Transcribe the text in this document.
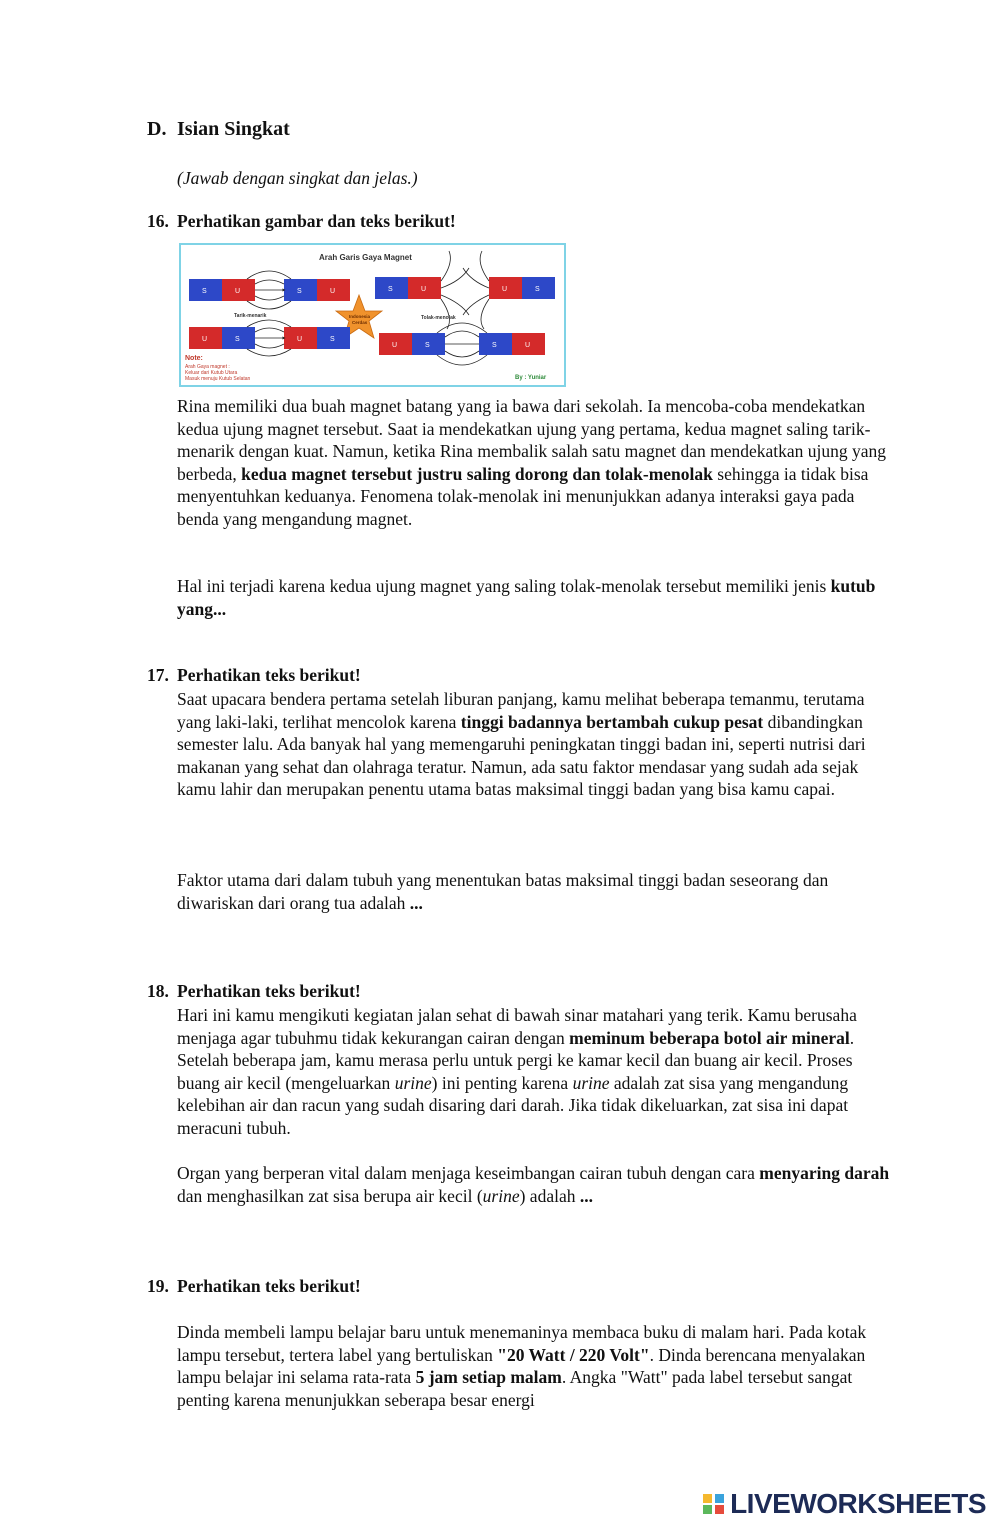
D. Isian Singkat
(Jawab dengan singkat dan jelas.)
16. Perhatikan gambar dan teks berikut!
Arah Garis Gaya Magnet
S	U	S	U
Tarik-menarik
S	U	U	S
Tolak-menolak
Indonesia
Cerdas
U	S	U	S
U	S	S	U
Note:
Arah Gaya magnet :
Keluar dari Kutub Utara
Masuk menuju Kutub Selatan	By : Yuniar
Rina memiliki dua buah magnet batang yang ia bawa dari sekolah. Ia mencoba-coba mendekatkan kedua ujung magnet tersebut. Saat ia mendekatkan ujung yang pertama, kedua magnet saling tarik-menarik dengan kuat. Namun, ketika Rina membalik salah satu magnet dan mendekatkan ujung yang berbeda, kedua magnet tersebut justru saling dorong dan tolak-menolak sehingga ia tidak bisa menyentuhkan keduanya. Fenomena tolak-menolak ini menunjukkan adanya interaksi gaya pada benda yang mengandung magnet.
Hal ini terjadi karena kedua ujung magnet yang saling tolak-menolak tersebut memiliki jenis kutub yang...
17. Perhatikan teks berikut!
Saat upacara bendera pertama setelah liburan panjang, kamu melihat beberapa temanmu, terutama yang laki-laki, terlihat mencolok karena tinggi badannya bertambah cukup pesat dibandingkan semester lalu. Ada banyak hal yang memengaruhi peningkatan tinggi badan ini, seperti nutrisi dari makanan yang sehat dan olahraga teratur. Namun, ada satu faktor mendasar yang sudah ada sejak kamu lahir dan merupakan penentu utama batas maksimal tinggi badan yang bisa kamu capai.
Faktor utama dari dalam tubuh yang menentukan batas maksimal tinggi badan seseorang dan diwariskan dari orang tua adalah ...
18. Perhatikan teks berikut!
Hari ini kamu mengikuti kegiatan jalan sehat di bawah sinar matahari yang terik. Kamu berusaha menjaga agar tubuhmu tidak kekurangan cairan dengan meminum beberapa botol air mineral. Setelah beberapa jam, kamu merasa perlu untuk pergi ke kamar kecil dan buang air kecil. Proses buang air kecil (mengeluarkan urine) ini penting karena urine adalah zat sisa yang mengandung kelebihan air dan racun yang sudah disaring dari darah. Jika tidak dikeluarkan, zat sisa ini dapat meracuni tubuh.
Organ yang berperan vital dalam menjaga keseimbangan cairan tubuh dengan cara menyaring darah dan menghasilkan zat sisa berupa air kecil (urine) adalah ...
19. Perhatikan teks berikut!
Dinda membeli lampu belajar baru untuk menemaninya membaca buku di malam hari. Pada kotak lampu tersebut, tertera label yang bertuliskan "20 Watt / 220 Volt". Dinda berencana menyalakan lampu belajar ini selama rata-rata 5 jam setiap malam. Angka "Watt" pada label tersebut sangat penting karena menunjukkan seberapa besar energi
LIVEWORKSHEETS
